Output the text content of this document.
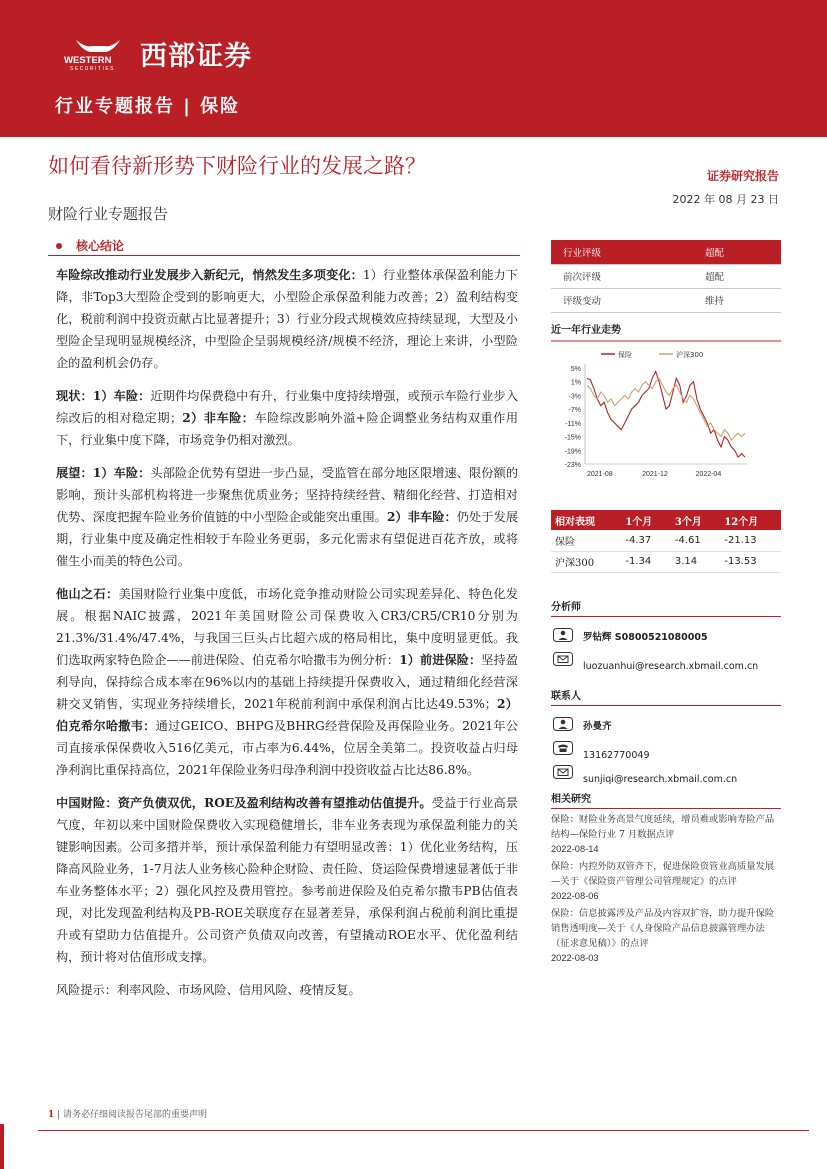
WESTERN
SECURITIES 西部证券
行业专题报告 | 保险
如何看待新形势下财险行业的发展之路？	证券研究报告
2022 年 08 月 23 日
财险行业专题报告
核心结论

车险综改推动行业发展步入新纪元，悄然发生多项变化：1）行业整体承保盈利能力下降，非Top3大型险企受到的影响更大，小型险企承保盈利能力改善；2）盈利结构变化，税前利润中投资贡献占比显著提升；3）行业分段式规模效应持续显现，大型及小型险企呈现明显规模经济，中型险企呈弱规模经济/规模不经济，理论上来讲，小型险企的盈利机会仍存。

现状：1）车险：近期件均保费稳中有升，行业集中度持续增强，或预示车险行业步入综改后的相对稳定期；2）非车险：车险综改影响外溢+险企调整业务结构双重作用下，行业集中度下降，市场竞争仍相对激烈。

展望：1）车险：头部险企优势有望进一步凸显，受监管在部分地区限增速、限份额的影响，预计头部机构将进一步聚焦优质业务；坚持持续经营、精细化经营、打造相对优势、深度把握车险业务价值链的中小型险企或能突出重围。2）非车险：仍处于发展期，行业集中度及确定性相较于车险业务更弱，多元化需求有望促进百花齐放，或将催生小而美的特色公司。

他山之石：美国财险行业集中度低，市场化竞争推动财险公司实现差异化、特色化发展。根据NAIC披露，2021年美国财险公司保费收入CR3/CR5/CR10分别为21.3%/31.4%/47.4%，与我国三巨头占比超六成的格局相比，集中度明显更低。我们选取两家特色险企——前进保险、伯克希尔哈撒韦为例分析：1）前进保险：坚持盈利导向，保持综合成本率在96%以内的基础上持续提升保费收入，通过精细化经营深耕交叉销售，实现业务持续增长，2021年税前利润中承保利润占比达49.53%；2）伯克希尔哈撒韦：通过GEICO、BHPG及BHRG经营保险及再保险业务。2021年公司直接承保保费收入516亿美元，市占率为6.44%，位居全美第二。投资收益占归母净利润比重保持高位，2021年保险业务归母净利润中投资收益占比达86.8%。

中国财险：资产负债双优，ROE及盈利结构改善有望推动估值提升。受益于行业高景气度，年初以来中国财险保费收入实现稳健增长，非车业务表现为承保盈利能力的关键影响因素。公司多措并举，预计承保盈利能力有望明显改善：1）优化业务结构，压降高风险业务，1-7月法人业务核心险种企财险、责任险、贷运险保费增速显著低于非车业务整体水平；2）强化风控及费用管控。参考前进保险及伯克希尔撒韦PB估值表现，对比发现盈利结构及PB-ROE关联度存在显著差异，承保利润占税前利润比重提升或有望助力估值提升。公司资产负债双向改善，有望撬动ROE水平、优化盈利结构，预计将对估值形成支撑。

风险提示：利率风险、市场风险、信用风险、疫情反复。

行业评级	超配
前次评级	超配
评级变动	维持
近一年行业走势
5%
1%
-3%
-7%
-11%
-15%
-19%
-23%
2021-08	2021-12	2022-04
保险	沪深300
相对表现	1个月	3个月	12个月
保险	-4.37	-4.61	-21.13
沪深300	-1.34	3.14	-13.53
分析师
罗钻辉 S0800521080005
luozuanhui@research.xbmail.com.cn
联系人
孙曼齐
13162770049
sunjiqi@research.xbmail.com.cn
相关研究
保险：财险业务高景气度延续，增员难或影响寿险产品结构—保险行业 7 月数据点评
2022-08-14
保险：内控外防双管齐下，促进保险资管业高质量发展—关于《保险资产管理公司管理规定》的点评
2022-08-06
保险：信息披露涉及产品及内容双扩容，助力提升保险销售透明度—关于《人身保险产品信息披露管理办法（征求意见稿）》的点评
2022-08-03
1 | 请务必仔细阅读报告尾部的重要声明
